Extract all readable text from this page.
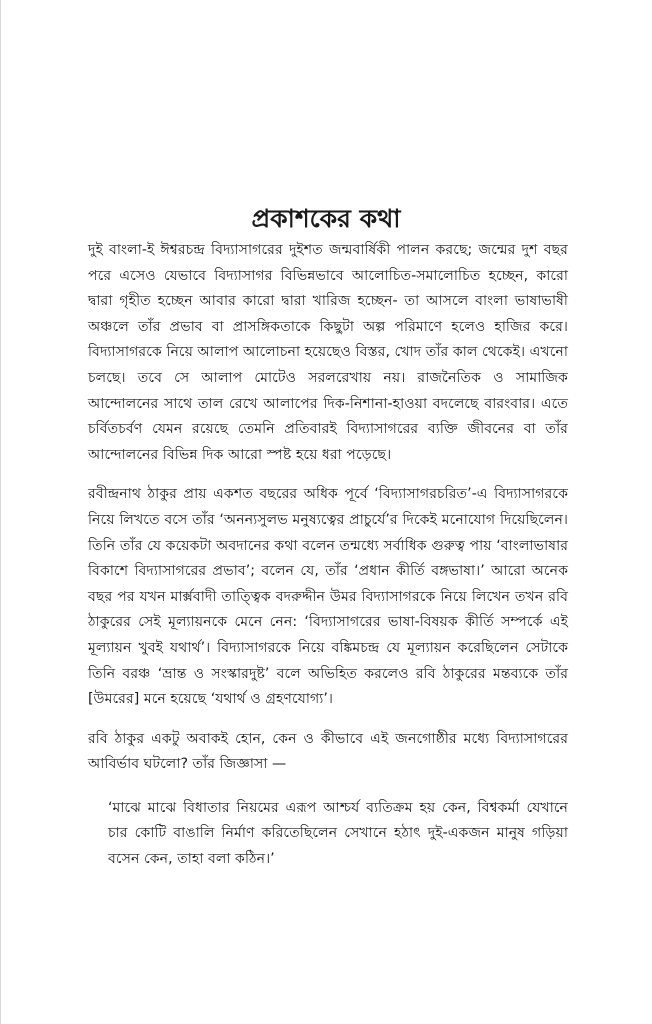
প্রকাশকের কথা

দুই বাংলা-ই ঈশ্বরচন্দ্র বিদ্যাসাগরের দুইশত জন্মবার্ষিকী পালন করছে; জন্মের দুশ বছর পরে এসেও যেভাবে বিদ্যাসাগর বিভিন্নভাবে আলোচিত-সমালোচিত হচ্ছেন, কারো দ্বারা গৃহীত হচ্ছেন আবার কারো দ্বারা খারিজ হচ্ছেন- তা আসলে বাংলা ভাষাভাষী অঞ্চলে তাঁর প্রভাব বা প্রাসঙ্গিকতাকে কিছুটা অল্প পরিমাণে হলেও হাজির করে। বিদ্যাসাগরকে নিয়ে আলাপ আলোচনা হয়েছেও বিস্তর, খোদ তাঁর কাল থেকেই। এখনো চলছে। তবে সে আলাপ মোটেও সরলরেখায় নয়। রাজনৈতিক ও সামাজিক আন্দোলনের সাথে তাল রেখে আলাপের দিক-নিশানা-হাওয়া বদলেছে বারংবার। এতে চর্বিতচর্বণ যেমন রয়েছে তেমনি প্রতিবারই বিদ্যাসাগরের ব্যক্তি জীবনের বা তাঁর আন্দোলনের বিভিন্ন দিক আরো স্পষ্ট হয়ে ধরা পড়েছে।

রবীন্দ্রনাথ ঠাকুর প্রায় একশত বছরের অধিক পূর্বে ‘বিদ্যাসাগরচরিত’-এ বিদ্যাসাগরকে নিয়ে লিখতে বসে তাঁর ‘অনন্যসুলভ মনুষ্যত্বের প্রাচুর্যে’র দিকেই মনোযোগ দিয়েছিলেন। তিনি তাঁর যে কয়েকটা অবদানের কথা বলেন তন্মধ্যে সর্বাধিক গুরুত্ব পায় ‘বাংলাভাষার বিকাশে বিদ্যাসাগরের প্রভাব’; বলেন যে, তাঁর ‘প্রধান কীর্তি বঙ্গভাষা।’ আরো অনেক বছর পর যখন মার্ক্সবাদী তাত্ত্বিক বদরুদ্দীন উমর বিদ্যাসাগরকে নিয়ে লিখেন তখন রবি ঠাকুরের সেই মূল্যায়নকে মেনে নেন: ‘বিদ্যাসাগরের ভাষা-বিষয়ক কীর্তি সম্পর্কে এই মূল্যায়ন খুবই যথার্থ’। বিদ্যাসাগরকে নিয়ে বঙ্কিমচন্দ্র যে মূল্যায়ন করেছিলেন সেটাকে তিনি বরঞ্চ ‘ভ্রান্ত ও সংস্কারদুষ্ট’ বলে অভিহিত করলেও রবি ঠাকুরের মন্তব্যকে তাঁর [উমরের] মনে হয়েছে ‘যথার্থ ও গ্রহণযোগ্য’।

রবি ঠাকুর একটু অবাকই হোন, কেন ও কীভাবে এই জনগোষ্ঠীর মধ্যে বিদ্যাসাগরের আবির্ভাব ঘটলো? তাঁর জিজ্ঞাসা —

‘মাঝে মাঝে বিধাতার নিয়মের এরূপ আশ্চর্য ব্যতিক্রম হয় কেন, বিশ্বকর্মা যেখানে চার কোটি বাঙালি নির্মাণ করিতেছিলেন সেখানে হঠাৎ দুই-একজন মানুষ গড়িয়া বসেন কেন, তাহা বলা কঠিন।’
